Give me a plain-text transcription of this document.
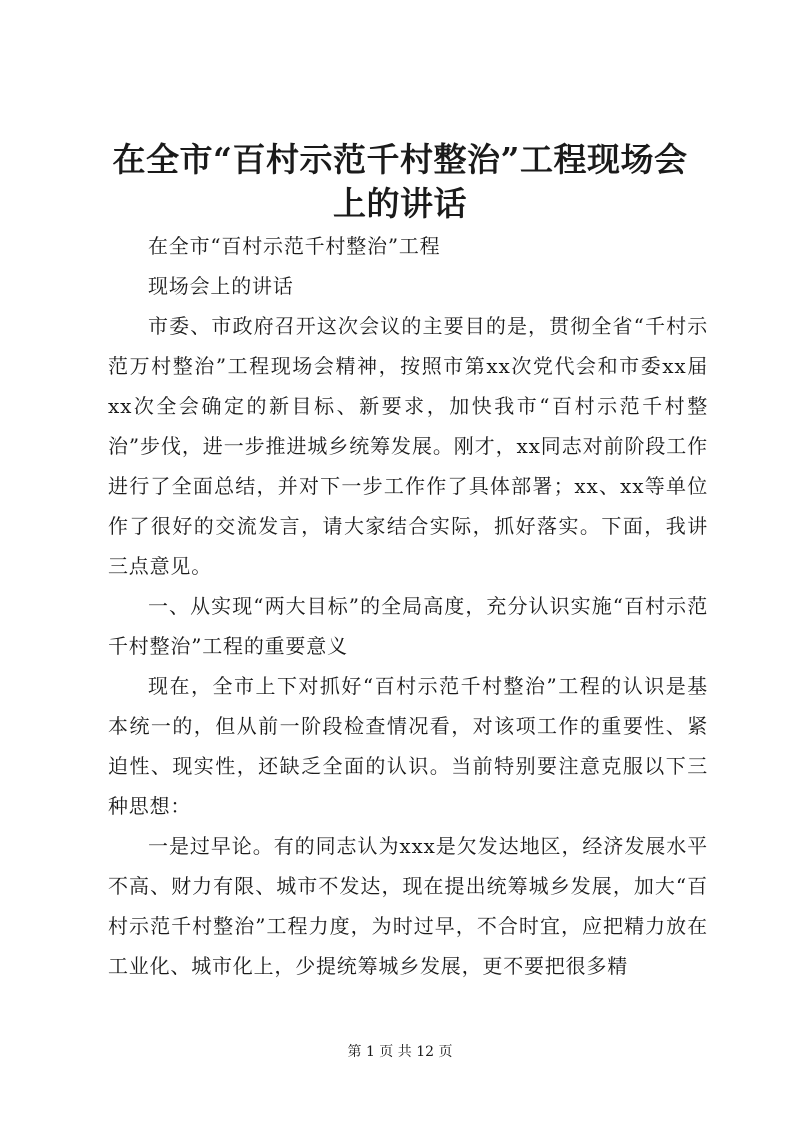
在全市“百村示范千村整治”工程现场会上的讲话

在全市“百村示范千村整治”工程

现场会上的讲话

市委、市政府召开这次会议的主要目的是，贯彻全省“千村示范万村整治”工程现场会精神，按照市第xx次党代会和市委xx届xx次全会确定的新目标、新要求，加快我市“百村示范千村整治”步伐，进一步推进城乡统筹发展。刚才，xx同志对前阶段工作进行了全面总结，并对下一步工作作了具体部署；xx、xx等单位作了很好的交流发言，请大家结合实际，抓好落实。下面，我讲三点意见。

一、从实现“两大目标”的全局高度，充分认识实施“百村示范千村整治”工程的重要意义

现在，全市上下对抓好“百村示范千村整治”工程的认识是基本统一的，但从前一阶段检查情况看，对该项工作的重要性、紧迫性、现实性，还缺乏全面的认识。当前特别要注意克服以下三种思想：

一是过早论。有的同志认为xxx是欠发达地区，经济发展水平不高、财力有限、城市不发达，现在提出统筹城乡发展，加大“百村示范千村整治”工程力度，为时过早，不合时宜，应把精力放在工业化、城市化上，少提统筹城乡发展，更不要把很多精

第 1 页 共 12 页
